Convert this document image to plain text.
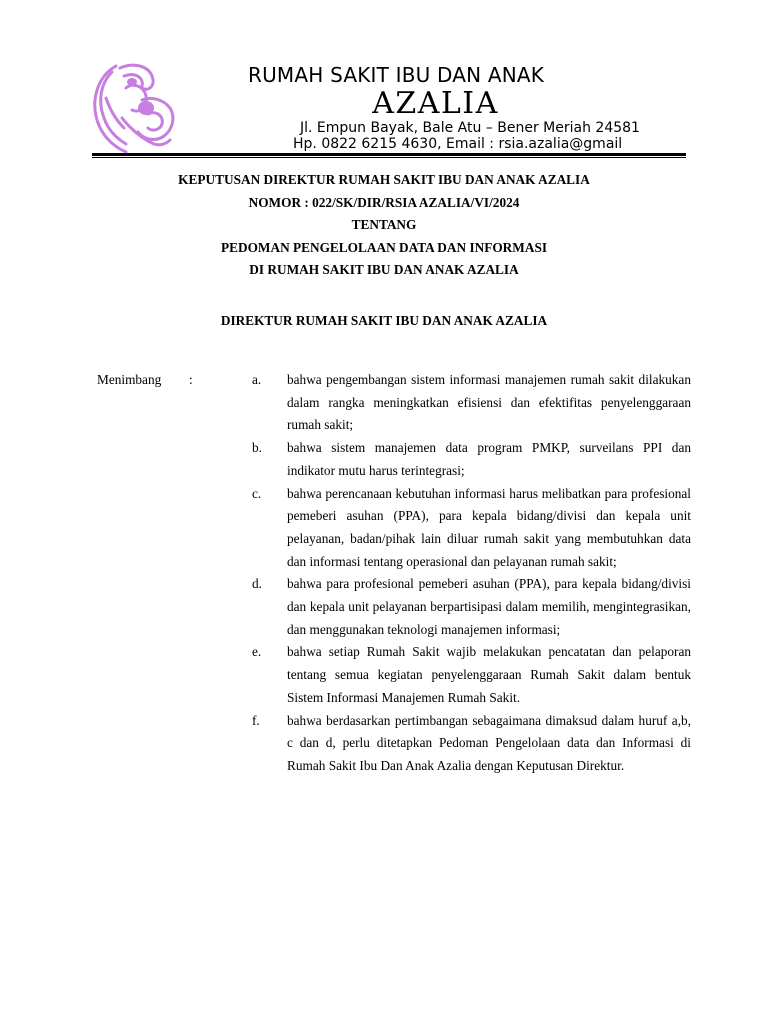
RUMAH SAKIT IBU DAN ANAK
AZALIA
Jl. Empun Bayak, Bale Atu – Bener Meriah 24581
Hp. 0822 6215 4630, Email : rsia.azalia@gmail
KEPUTUSAN DIREKTUR RUMAH SAKIT IBU DAN ANAK AZALIA
NOMOR : 022/SK/DIR/RSIA AZALIA/VI/2024
TENTANG
PEDOMAN PENGELOLAAN DATA DAN INFORMASI
DI RUMAH SAKIT IBU DAN ANAK AZALIA
DIREKTUR RUMAH SAKIT IBU DAN ANAK AZALIA
Menimbang :	a.	bahwa pengembangan sistem informasi manajemen rumah sakit dilakukan dalam rangka meningkatkan efisiensi dan efektifitas penyelenggaraan rumah sakit;
b.	bahwa sistem manajemen data program PMKP, surveilans PPI dan indikator mutu harus terintegrasi;
c.	bahwa perencanaan kebutuhan informasi harus melibatkan para profesional pemeberi asuhan (PPA), para kepala bidang/divisi dan kepala unit pelayanan, badan/pihak lain diluar rumah sakit yang membutuhkan data dan informasi tentang operasional dan pelayanan rumah sakit;
d.	bahwa para profesional pemeberi asuhan (PPA), para kepala bidang/divisi dan kepala unit pelayanan berpartisipasi dalam memilih, mengintegrasikan, dan menggunakan teknologi manajemen informasi;
e.	bahwa setiap Rumah Sakit wajib melakukan pencatatan dan pelaporan tentang semua kegiatan penyelenggaraan Rumah Sakit dalam bentuk Sistem Informasi Manajemen Rumah Sakit.
f.	bahwa berdasarkan pertimbangan sebagaimana dimaksud dalam huruf a,b, c dan d, perlu ditetapkan Pedoman Pengelolaan data dan Informasi di Rumah Sakit Ibu Dan Anak Azalia dengan Keputusan Direktur.
